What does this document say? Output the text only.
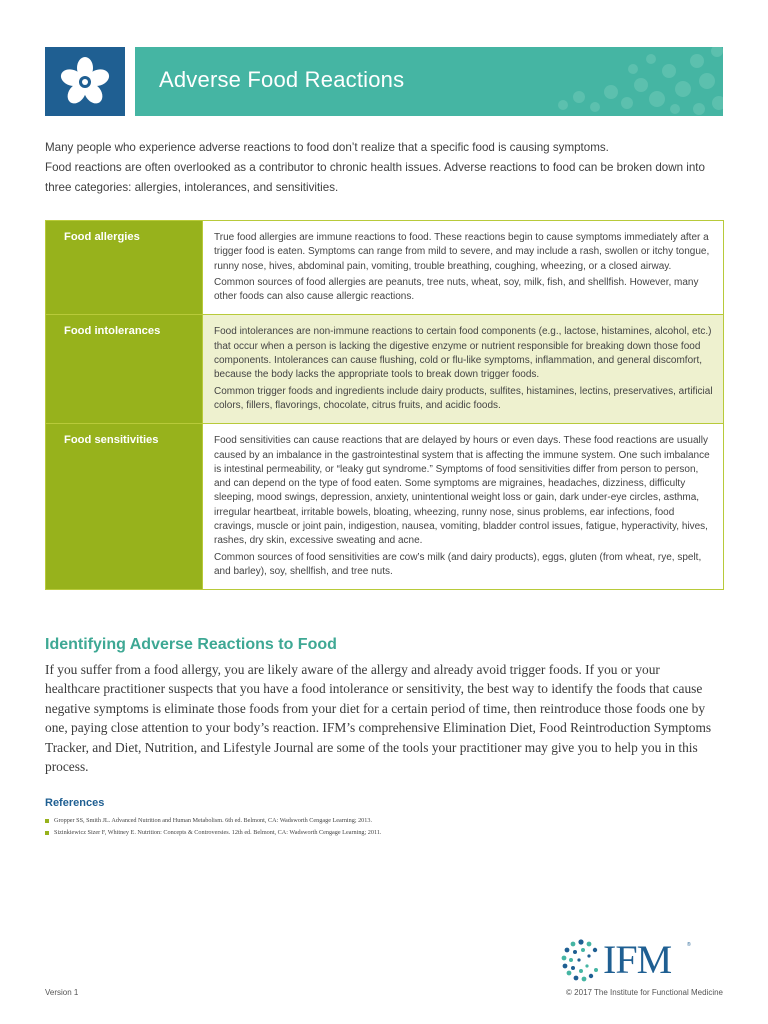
Adverse Food Reactions

Many people who experience adverse reactions to food don’t realize that a specific food is causing symptoms.

Food reactions are often overlooked as a contributor to chronic health issues. Adverse reactions to food can be broken down into three categories: allergies, intolerances, and sensitivities.

Food allergies	True food allergies are immune reactions to food. These reactions begin to cause symptoms immediately after a trigger food is eaten. Symptoms can range from mild to severe, and may include a rash, swollen or itchy tongue, runny nose, hives, abdominal pain, vomiting, trouble breathing, coughing, wheezing, or a closed airway.

Common sources of food allergies are peanuts, tree nuts, wheat, soy, milk, fish, and shellfish. However, many other foods can also cause allergic reactions.

Food intolerances	Food intolerances are non-immune reactions to certain food components (e.g., lactose, histamines, alcohol, etc.) that occur when a person is lacking the digestive enzyme or nutrient responsible for breaking down those food components. Intolerances can cause flushing, cold or flu-like symptoms, inflammation, and general discomfort, because the body lacks the appropriate tools to break down trigger foods.

Common trigger foods and ingredients include dairy products, sulfites, histamines, lectins, preservatives, artificial colors, fillers, flavorings, chocolate, citrus fruits, and acidic foods.

Food sensitivities	Food sensitivities can cause reactions that are delayed by hours or even days. These food reactions are usually caused by an imbalance in the gastrointestinal system that is affecting the immune system. One such imbalance is intestinal permeability, or “leaky gut syndrome.” Symptoms of food sensitivities differ from person to person, and can depend on the type of food eaten. Some symptoms are migraines, headaches, dizziness, difficulty sleeping, mood swings, depression, anxiety, unintentional weight loss or gain, dark under-eye circles, asthma, irregular heartbeat, irritable bowels, bloating, wheezing, runny nose, sinus problems, ear infections, food cravings, muscle or joint pain, indigestion, nausea, vomiting, bladder control issues, fatigue, hyperactivity, hives, rashes, dry skin, excessive sweating and acne.

Common sources of food sensitivities are cow’s milk (and dairy products), eggs, gluten (from wheat, rye, spelt, and barley), soy, shellfish, and tree nuts.

Identifying Adverse Reactions to Food
If you suffer from a food allergy, you are likely aware of the allergy and already avoid trigger foods. If you or your healthcare practitioner suspects that you have a food intolerance or sensitivity, the best way to identify the foods that cause negative symptoms is eliminate those foods from your diet for a certain period of time, then reintroduce those foods one by one, paying close attention to your body’s reaction. IFM’s comprehensive Elimination Diet, Food Reintroduction Symptoms Tracker, and Diet, Nutrition, and Lifestyle Journal are some of the tools your practitioner may give you to help you in this process.
References
Gropper SS, Smith JL. Advanced Nutrition and Human Metabolism. 6th ed. Belmont, CA: Wadsworth Cengage Learning; 2013.
Sizinkiewicz Sizer F, Whitney E. Nutrition: Concepts & Controversies. 12th ed. Belmont, CA: Wadsworth Cengage Learning; 2011.
IFM	®
Version 1	© 2017 The Institute for Functional Medicine
